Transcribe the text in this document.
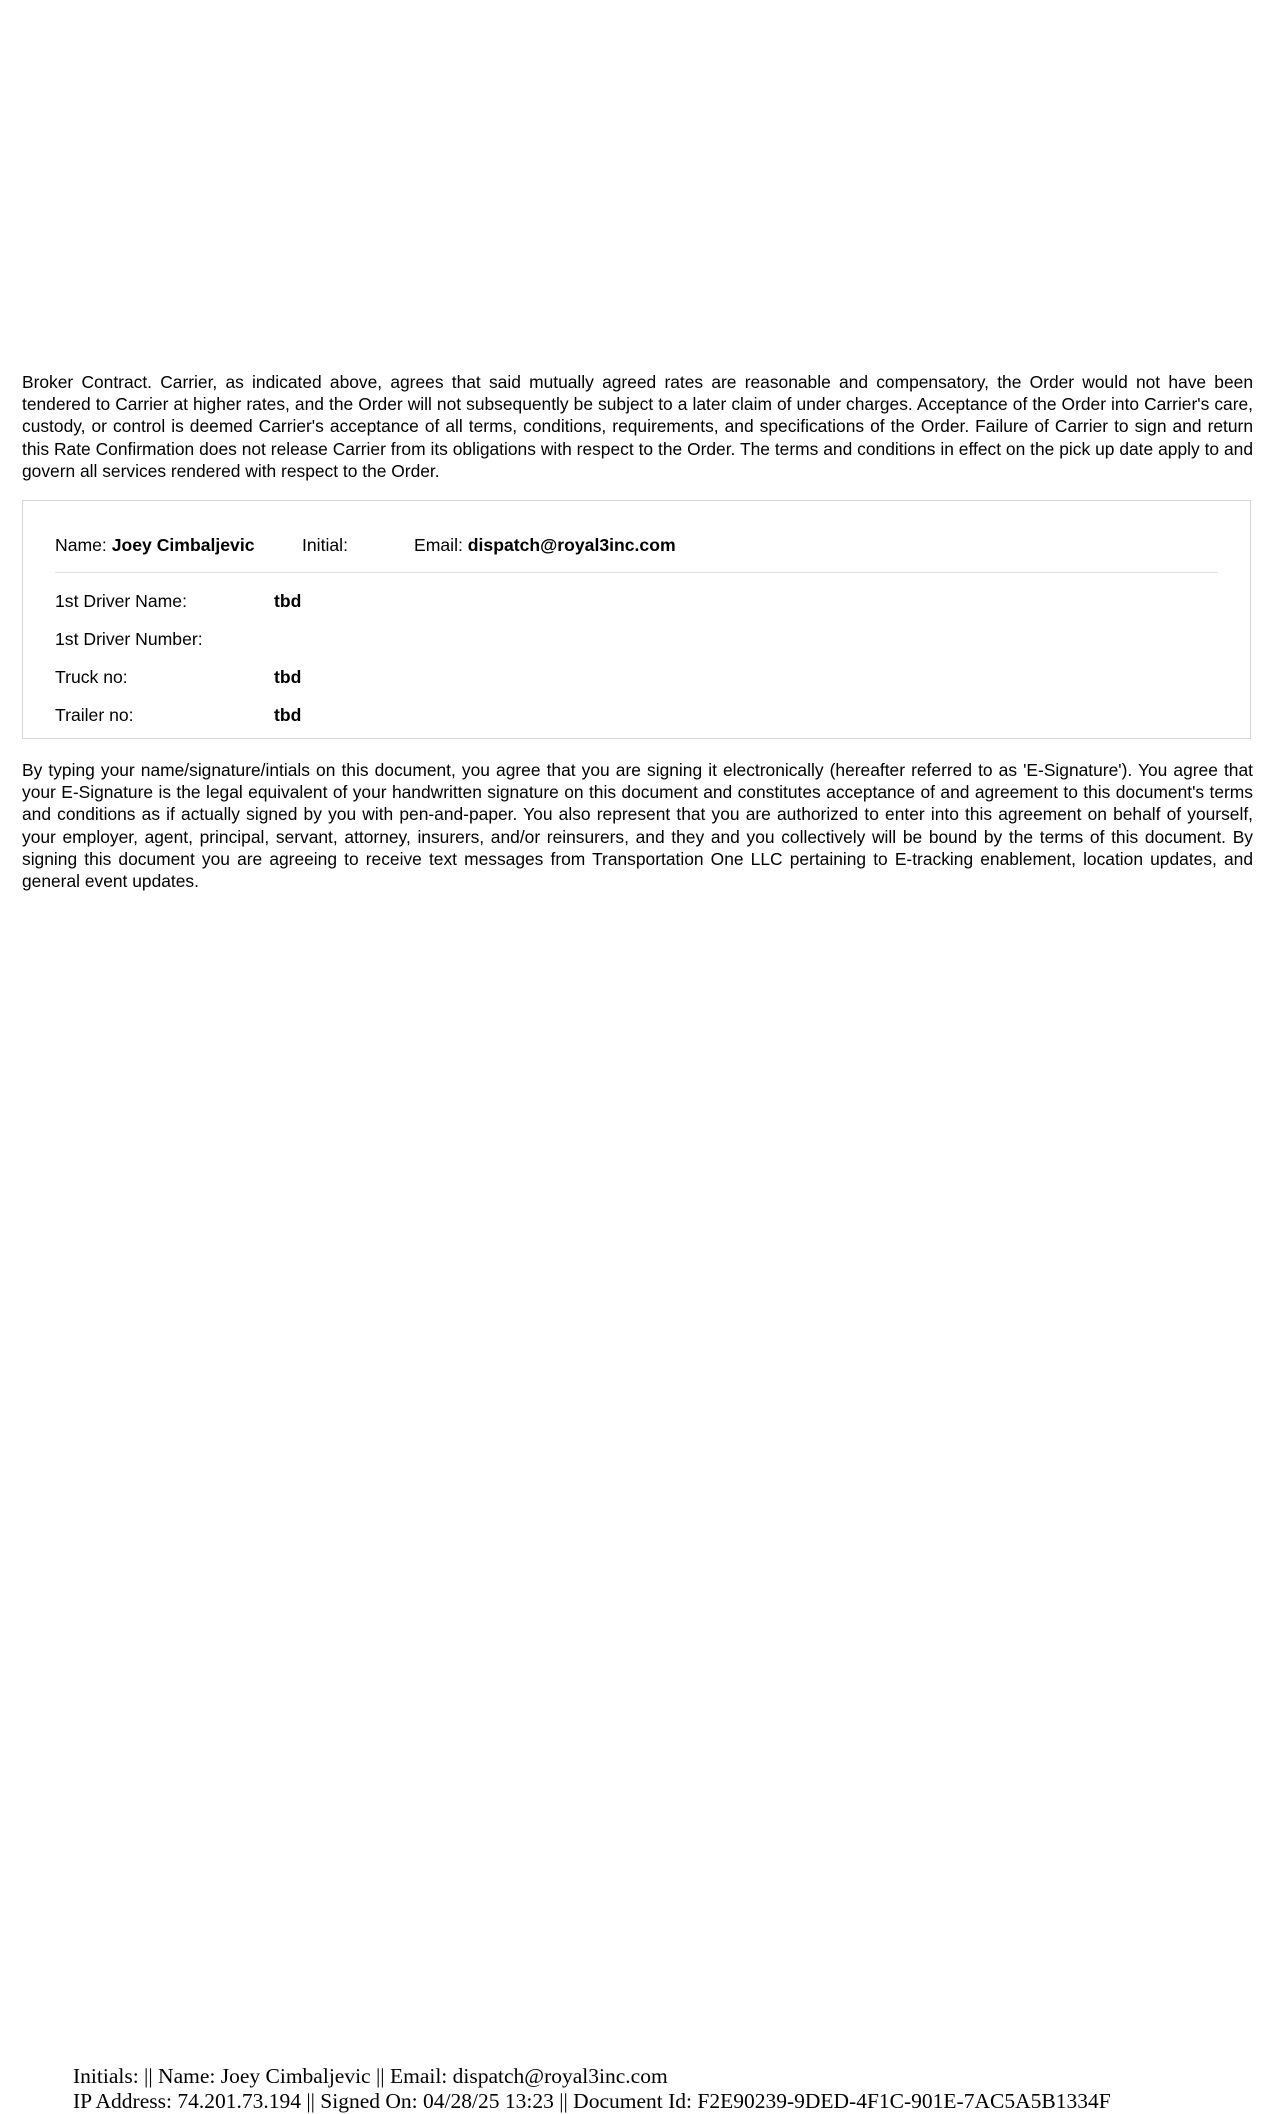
Broker Contract. Carrier, as indicated above, agrees that said mutually agreed rates are reasonable and compensatory, the Order would not have been tendered to Carrier at higher rates, and the Order will not subsequently be subject to a later claim of under charges. Acceptance of the Order into Carrier's care, custody, or control is deemed Carrier's acceptance of all terms, conditions, requirements, and specifications of the Order. Failure of Carrier to sign and return this Rate Confirmation does not release Carrier from its obligations with respect to the Order. The terms and conditions in effect on the pick up date apply to and govern all services rendered with respect to the Order.

Name: Joey Cimbaljevic	Initial:	Email: dispatch@royal3inc.com
1st Driver Name:	tbd
1st Driver Number:
Truck no:	tbd
Trailer no:	tbd

By typing your name/signature/intials on this document, you agree that you are signing it electronically (hereafter referred to as 'E-Signature'). You agree that your E-Signature is the legal equivalent of your handwritten signature on this document and constitutes acceptance of and agreement to this document's terms and conditions as if actually signed by you with pen-and-paper. You also represent that you are authorized to enter into this agreement on behalf of yourself, your employer, agent, principal, servant, attorney, insurers, and/or reinsurers, and they and you collectively will be bound by the terms of this document. By signing this document you are agreeing to receive text messages from Transportation One LLC pertaining to E-tracking enablement, location updates, and general event updates.

Initials: || Name: Joey Cimbaljevic || Email: dispatch@royal3inc.com
IP Address: 74.201.73.194 || Signed On: 04/28/25 13:23 || Document Id: F2E90239-9DED-4F1C-901E-7AC5A5B1334F
